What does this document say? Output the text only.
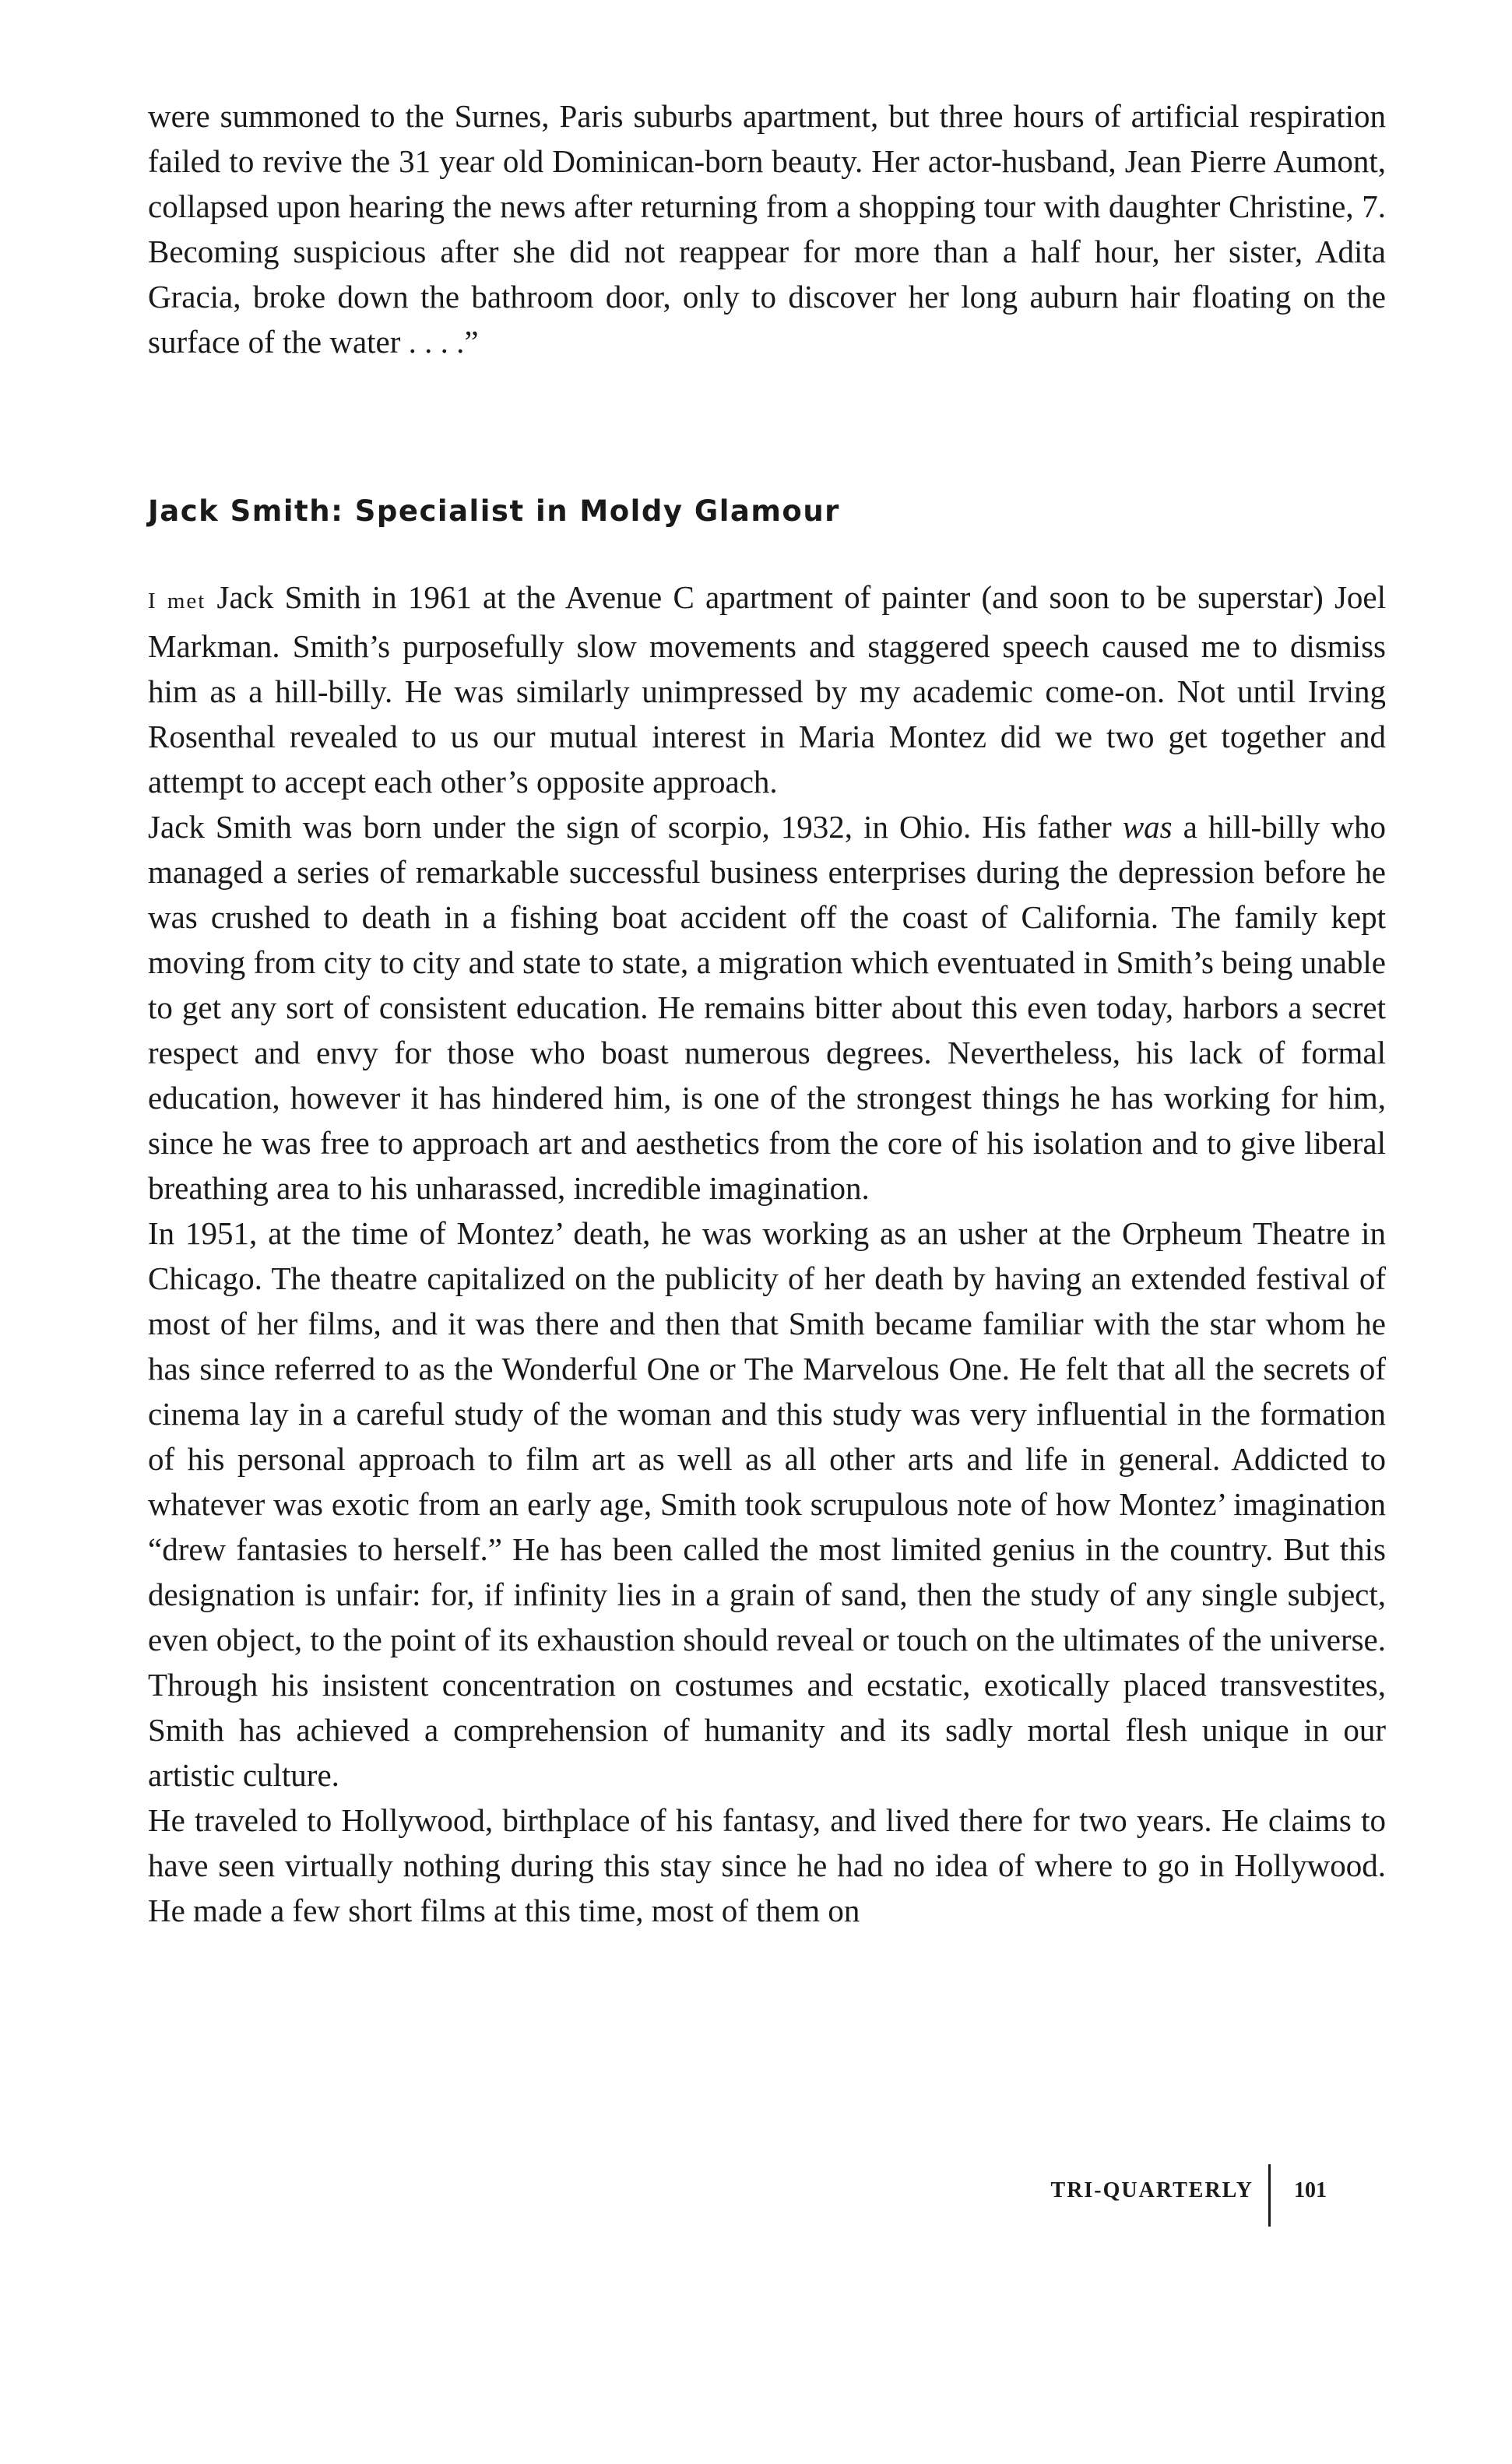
were summoned to the Surnes, Paris suburbs apartment, but three hours of artificial respiration failed to revive the 31 year old Dominican-born beauty. Her actor-husband, Jean Pierre Aumont, collapsed upon hearing the news after returning from a shopping tour with daughter Christine, 7. Becoming suspicious after she did not reappear for more than a half hour, her sister, Adita Gracia, broke down the bathroom door, only to discover her long auburn hair floating on the surface of the water . . . .”

Jack Smith: Specialist in Moldy Glamour

I met Jack Smith in 1961 at the Avenue C apartment of painter (and soon to be superstar) Joel Markman. Smith’s purposefully slow movements and staggered speech caused me to dismiss him as a hill-billy. He was similarly unimpressed by my academic come-on. Not until Irving Rosenthal revealed to us our mutual interest in Maria Montez did we two get together and attempt to accept each other’s opposite approach.

Jack Smith was born under the sign of scorpio, 1932, in Ohio. His father was a hill-billy who managed a series of remarkable successful business enterprises during the depression before he was crushed to death in a fishing boat accident off the coast of California. The family kept moving from city to city and state to state, a migration which eventuated in Smith’s being unable to get any sort of consistent education. He remains bitter about this even today, harbors a secret respect and envy for those who boast numerous degrees. Nevertheless, his lack of formal education, however it has hindered him, is one of the strongest things he has working for him, since he was free to approach art and aesthetics from the core of his isolation and to give liberal breathing area to his unharassed, incredible imagination.

In 1951, at the time of Montez’ death, he was working as an usher at the Orpheum Theatre in Chicago. The theatre capitalized on the publicity of her death by having an extended festival of most of her films, and it was there and then that Smith became familiar with the star whom he has since referred to as the Wonderful One or The Marvelous One. He felt that all the secrets of cinema lay in a careful study of the woman and this study was very influential in the formation of his personal approach to film art as well as all other arts and life in general. Addicted to whatever was exotic from an early age, Smith took scrupulous note of how Montez’ imagination “drew fantasies to herself.” He has been called the most limited genius in the country. But this designation is unfair: for, if infinity lies in a grain of sand, then the study of any single subject, even object, to the point of its exhaustion should reveal or touch on the ultimates of the universe. Through his insistent concentration on costumes and ecstatic, exotically placed transvestites, Smith has achieved a comprehension of humanity and its sadly mortal flesh unique in our artistic culture.

He traveled to Hollywood, birthplace of his fantasy, and lived there for two years. He claims to have seen virtually nothing during this stay since he had no idea of where to go in Hollywood. He made a few short films at this time, most of them on

TRI-QUARTERLY 101
